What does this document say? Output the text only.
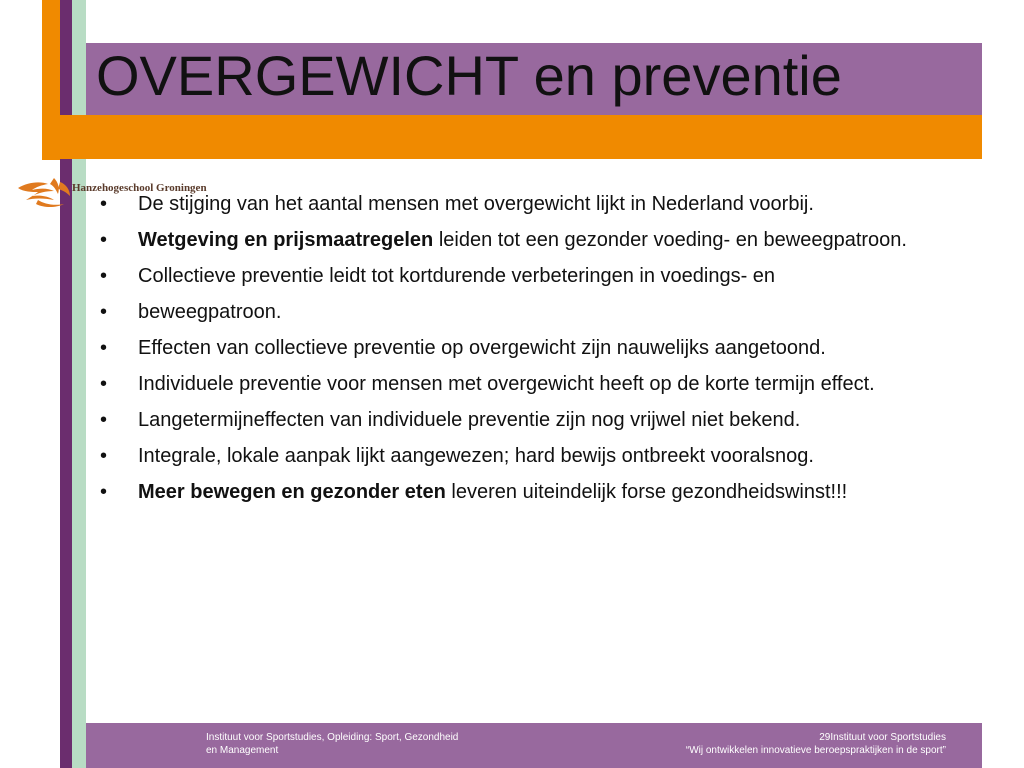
OVERGEWICHT en preventie
Hanzehogeschool Groningen
• De stijging van het aantal mensen met overgewicht lijkt in Nederland voorbij.
• Wetgeving en prijsmaatregelen leiden tot een gezonder voeding- en beweegpatroon.
• Collectieve preventie leidt tot kortdurende verbeteringen in voedings- en
• beweegpatroon.
• Effecten van collectieve preventie op overgewicht zijn nauwelijks aangetoond.
• Individuele preventie voor mensen met overgewicht heeft op de korte termijn effect.
• Langetermijneffecten van individuele preventie zijn nog vrijwel niet bekend.
• Integrale, lokale aanpak lijkt aangewezen; hard bewijs ontbreekt vooralsnog.
• Meer bewegen en gezonder eten leveren uiteindelijk forse gezondheidswinst!!!
Instituut voor Sportstudies, Opleiding: Sport, Gezondheid
en Management
29Instituut voor Sportstudies
“Wij ontwikkelen innovatieve beroepspraktijken in de sport”
